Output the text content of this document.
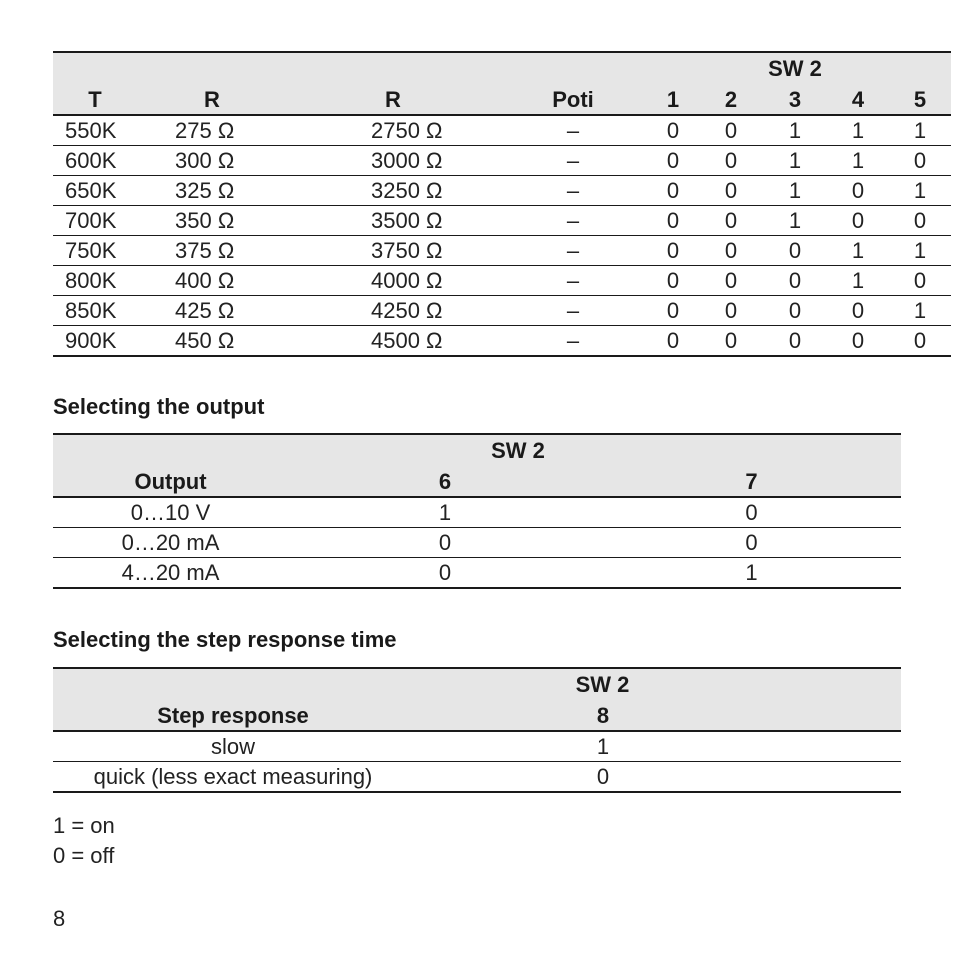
						SW 2		
T	R	R	Poti	1	2	3	4	5
550K	275 Ω	2750 Ω	–	0	0	1	1	1
600K	300 Ω	3000 Ω	–	0	0	1	1	0
650K	325 Ω	3250 Ω	–	0	0	1	0	1
700K	350 Ω	3500 Ω	–	0	0	1	0	0
750K	375 Ω	3750 Ω	–	0	0	0	1	1
800K	400 Ω	4000 Ω	–	0	0	0	1	0
850K	425 Ω	4250 Ω	–	0	0	0	0	1
900K	450 Ω	4500 Ω	–	0	0	0	0	0
Selecting the output
	SW 2	
Output	6	7
0…10 V	1	0
0…20 mA	0	0
4…20 mA	0	1
Selecting the step response time
	SW 2	
Step response	8	
slow	1	
quick (less exact measuring)	0	
1 = on
0 = off
8
